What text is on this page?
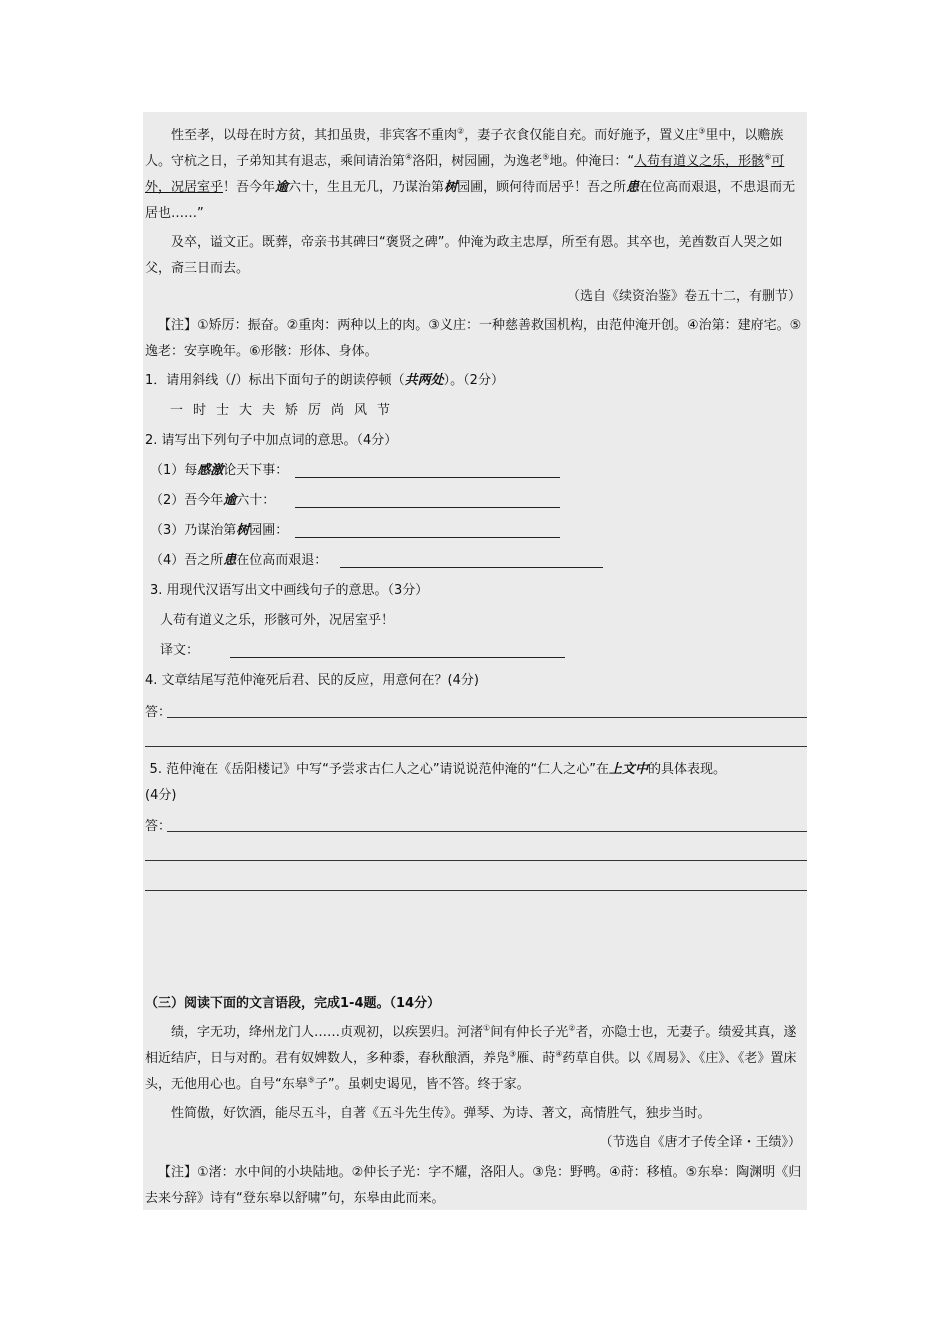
性至孝，以母在时方贫，其扣虽贵，非宾客不重肉②，妻子衣食仅能自充。而好施予，置义庄③里中，以赡族人。守杭之日，子弟知其有退志，乘间请治第④洛阳，树园圃，为逸老⑤地。仲淹曰：“人苟有道义之乐，形骸⑥可外，况居室乎！吾今年逾六十，生且无几，乃谋治第树园圃，顾何待而居乎！吾之所患在位高而艰退，不患退而无居也……”

及卒，谥文正。既葬，帝亲书其碑曰“褒贤之碑”。仲淹为政主忠厚，所至有恩。其卒也，羌酋数百人哭之如父，斋三日而去。

（选自《续资治鉴》卷五十二，有删节）

【注】①矫厉：振奋。②重肉：两种以上的肉。③义庄：一种慈善救国机构，由范仲淹开创。④治第：建府宅。⑤逸老：安享晚年。⑥形骸：形体、身体。

1．请用斜线（/）标出下面句子的朗读停顿（共两处）。（2分）

一时士大夫矫厉尚风节

2. 请写出下列句子中加点词的意思。（4分）

（1）每感激论天下事：

（2）吾今年逾六十：

（3）乃谋治第树园圃：

（4）吾之所患在位高而艰退：

3. 用现代汉语写出文中画线句子的意思。（3分）

人苟有道义之乐，形骸可外，况居室乎！

译文：

4. 文章结尾写范仲淹死后君、民的反应，用意何在？(4分)

答：

5. 范仲淹在《岳阳楼记》中写“予尝求古仁人之心”请说说范仲淹的“仁人之心”在上文中的具体表现。
(4分)

答：

（三）阅读下面的文言语段，完成1-4题。（14分）

绩，字无功，绛州龙门人……贞观初，以疾罢归。河渚①间有仲长子光②者，亦隐士也，无妻子。绩爱其真，遂相近结庐，日与对酌。君有奴婢数人，多种黍，春秋酿酒，养凫③雁、莳④药草自供。以《周易》、《庄》、《老》置床头，无他用心也。自号“东皋⑤子”。虽刺史谒见，皆不答。终于家。

性简傲，好饮酒，能尽五斗，自著《五斗先生传》。弹琴、为诗、著文，高情胜气，独步当时。

（节选自《唐才子传全译・王绩》）

【注】①渚：水中间的小块陆地。②仲长子光：字不耀，洛阳人。③凫：野鸭。④莳：移植。⑤东皋：陶渊明《归去来兮辞》诗有“登东皋以舒啸”句，东皋由此而来。
